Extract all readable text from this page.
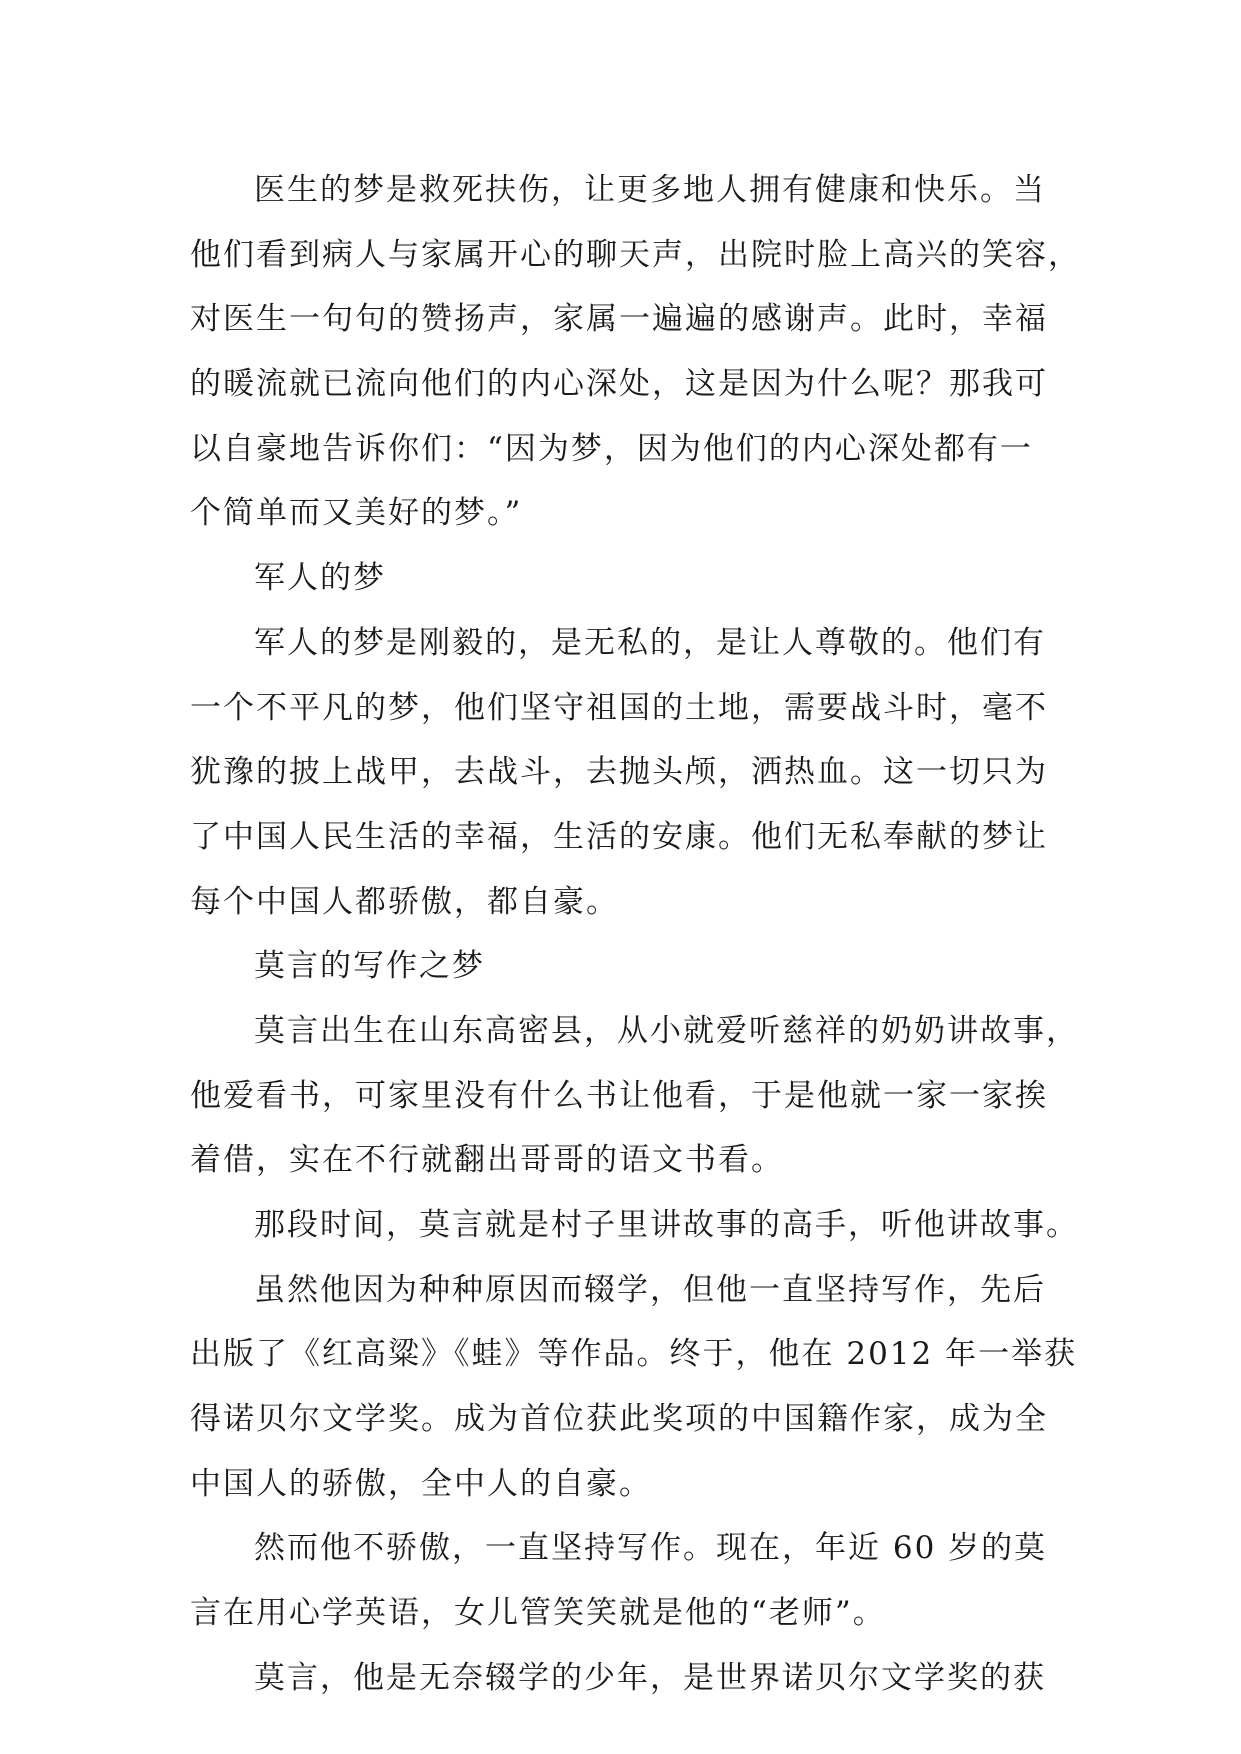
医生的梦是救死扶伤，让更多地人拥有健康和快乐。当
他们看到病人与家属开心的聊天声，出院时脸上高兴的笑容，
对医生一句句的赞扬声，家属一遍遍的感谢声。此时，幸福
的暖流就已流向他们的内心深处，这是因为什么呢？那我可
以自豪地告诉你们：“因为梦，因为他们的内心深处都有一
个简单而又美好的梦。”
军人的梦
军人的梦是刚毅的，是无私的，是让人尊敬的。他们有
一个不平凡的梦，他们坚守祖国的土地，需要战斗时，毫不
犹豫的披上战甲，去战斗，去抛头颅，洒热血。这一切只为
了中国人民生活的幸福，生活的安康。他们无私奉献的梦让
每个中国人都骄傲，都自豪。
莫言的写作之梦
莫言出生在山东高密县，从小就爱听慈祥的奶奶讲故事，
他爱看书，可家里没有什么书让他看，于是他就一家一家挨
着借，实在不行就翻出哥哥的语文书看。
那段时间，莫言就是村子里讲故事的高手，听他讲故事。
虽然他因为种种原因而辍学，但他一直坚持写作，先后
出版了《红高粱》《蛙》等作品。终于，他在 2012 年一举获
得诺贝尔文学奖。成为首位获此奖项的中国籍作家，成为全
中国人的骄傲，全中人的自豪。
然而他不骄傲，一直坚持写作。现在，年近 60 岁的莫
言在用心学英语，女儿管笑笑就是他的“老师”。
莫言，他是无奈辍学的少年，是世界诺贝尔文学奖的获
